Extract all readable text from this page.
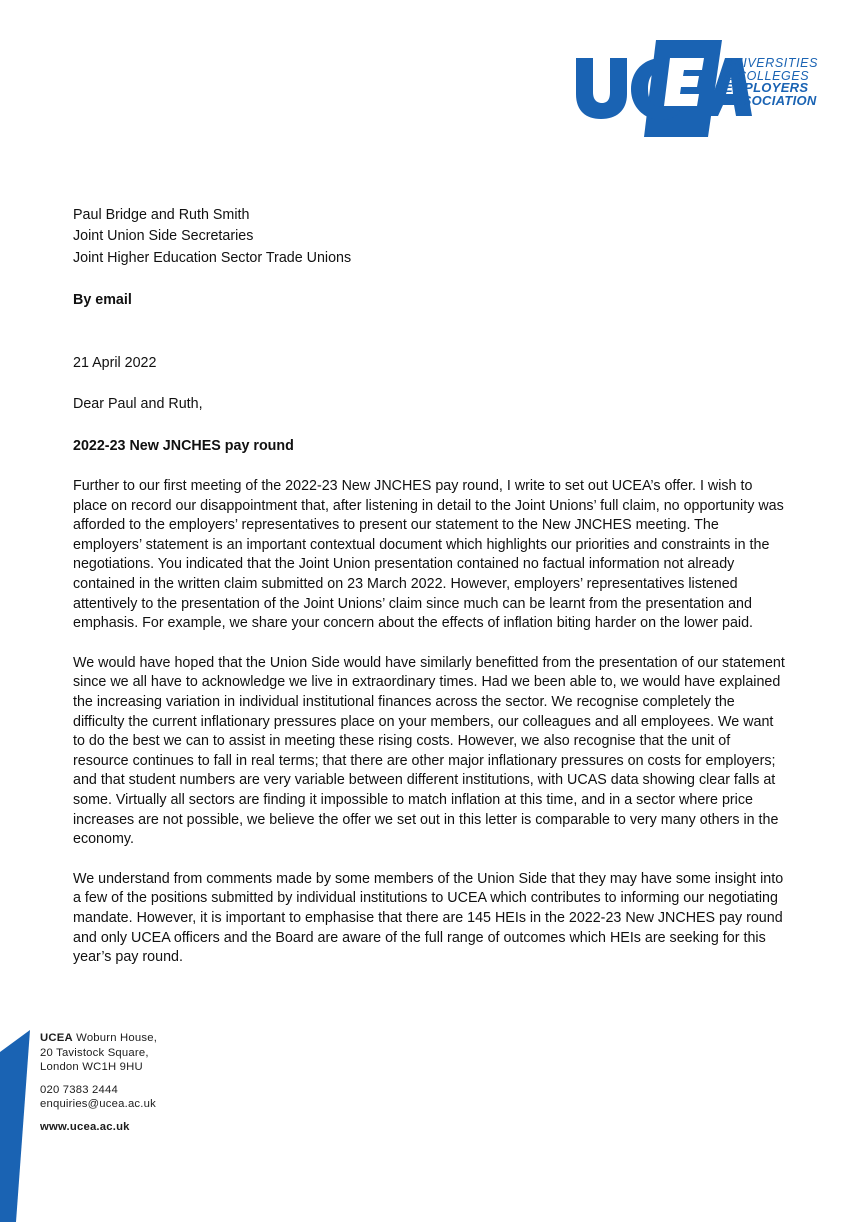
UNIVERSITIES
& COLLEGES
EMPLOYERS
ASSOCIATION

Paul Bridge and Ruth Smith

Joint Union Side Secretaries

Joint Higher Education Sector Trade Unions

By email

21 April 2022

Dear Paul and Ruth,

2022-23 New JNCHES pay round

Further to our first meeting of the 2022-23 New JNCHES pay round, I write to set out UCEA’s offer. I wish to place on record our disappointment that, after listening in detail to the Joint Unions’ full claim, no opportunity was afforded to the employers’ representatives to present our statement to the New JNCHES meeting. The employers’ statement is an important contextual document which highlights our priorities and constraints in the negotiations. You indicated that the Joint Union presentation contained no factual information not already contained in the written claim submitted on 23 March 2022. However, employers’ representatives listened attentively to the presentation of the Joint Unions’ claim since much can be learnt from the presentation and emphasis. For example, we share your concern about the effects of inflation biting harder on the lower paid.

We would have hoped that the Union Side would have similarly benefitted from the presentation of our statement since we all have to acknowledge we live in extraordinary times. Had we been able to, we would have explained the increasing variation in individual institutional finances across the sector. We recognise completely the difficulty the current inflationary pressures place on your members, our colleagues and all employees. We want to do the best we can to assist in meeting these rising costs. However, we also recognise that the unit of resource continues to fall in real terms; that there are other major inflationary pressures on costs for employers; and that student numbers are very variable between different institutions, with UCAS data showing clear falls at some. Virtually all sectors are finding it impossible to match inflation at this time, and in a sector where price increases are not possible, we believe the offer we set out in this letter is comparable to very many others in the economy.

We understand from comments made by some members of the Union Side that they may have some insight into a few of the positions submitted by individual institutions to UCEA which contributes to informing our negotiating mandate. However, it is important to emphasise that there are 145 HEIs in the 2022-23 New JNCHES pay round and only UCEA officers and the Board are aware of the full range of outcomes which HEIs are seeking for this year’s pay round.

UCEA Woburn House,

20 Tavistock Square,

London WC1H 9HU

020 7383 2444

enquiries@ucea.ac.uk

www.ucea.ac.uk
